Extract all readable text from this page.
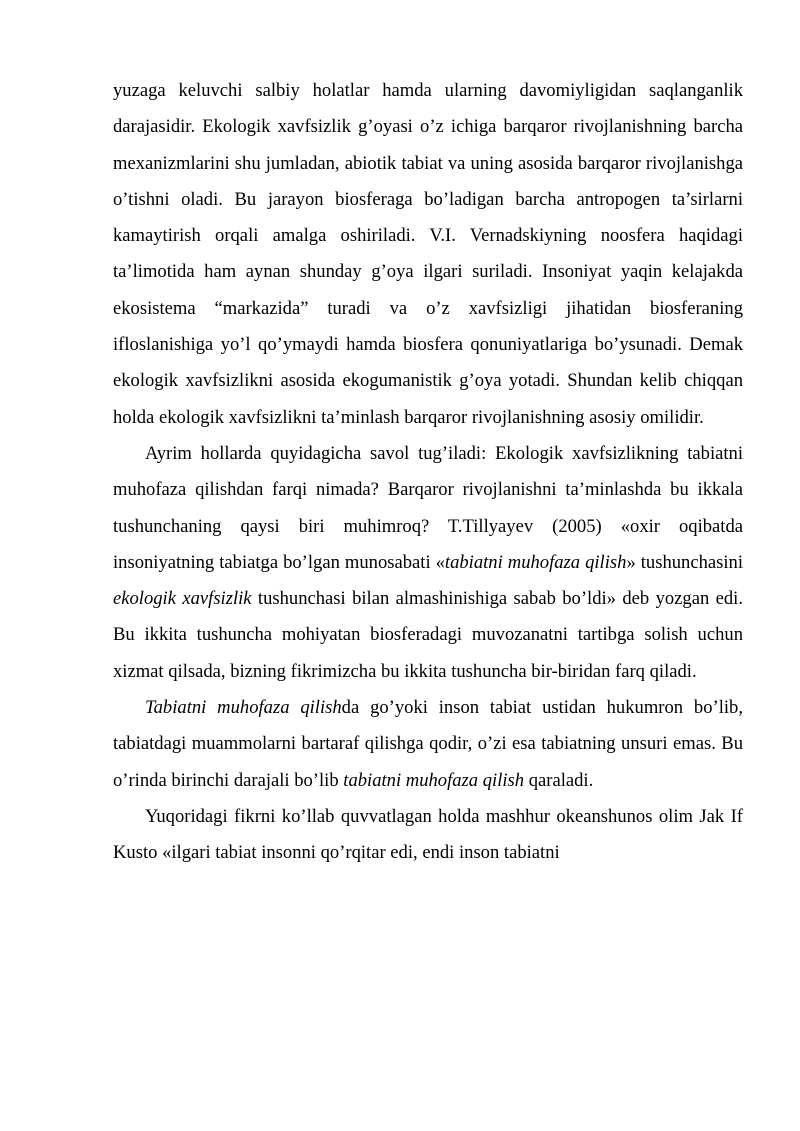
yuzaga keluvchi salbiy holatlar hamda ularning davomiyligidan saqlanganlik darajasidir. Ekologik xavfsizlik g’oyasi o’z ichiga barqaror rivojlanishning barcha mexanizmlarini shu jumladan, abiotik tabiat va uning asosida barqaror rivojlanishga o’tishni oladi. Bu jarayon biosferaga bo’ladigan barcha antropogen ta’sirlarni kamaytirish orqali amalga oshiriladi. V.I. Vernadskiyning noosfera haqidagi ta’limotida ham aynan shunday g’oya ilgari suriladi. Insoniyat yaqin kelajakda ekosistema “markazida” turadi va o’z xavfsizligi jihatidan biosferaning ifloslanishiga yo’l qo’ymaydi hamda biosfera qonuniyatlariga bo’ysunadi. Demak ekologik xavfsizlikni asosida ekogumanistik g’oya yotadi. Shundan kelib chiqqan holda ekologik xavfsizlikni ta’minlash barqaror rivojlanishning asosiy omilidir.

Ayrim hollarda quyidagicha savol tug’iladi: Ekologik xavfsizlikning tabiatni muhofaza qilishdan farqi nimada? Barqaror rivojlanishni ta’minlashda bu ikkala tushunchaning qaysi biri muhimroq? T.Tillyayev (2005) «oxir oqibatda insoniyatning tabiatga bo’lgan munosabati «tabiatni muhofaza qilish» tushunchasini ekologik xavfsizlik tushunchasi bilan almashinishiga sabab bo’ldi» deb yozgan edi. Bu ikkita tushuncha mohiyatan biosferadagi muvozanatni tartibga solish uchun xizmat qilsada, bizning fikrimizcha bu ikkita tushuncha bir-biridan farq qiladi.

Tabiatni muhofaza qilishda go’yoki inson tabiat ustidan hukumron bo’lib, tabiatdagi muammolarni bartaraf qilishga qodir, o’zi esa tabiatning unsuri emas. Bu o’rinda birinchi darajali bo’lib tabiatni muhofaza qilish qaraladi.

Yuqoridagi fikrni ko’llab quvvatlagan holda mashhur okeanshunos olim Jak If Kusto «ilgari tabiat insonni qo’rqitar edi, endi inson tabiatni
